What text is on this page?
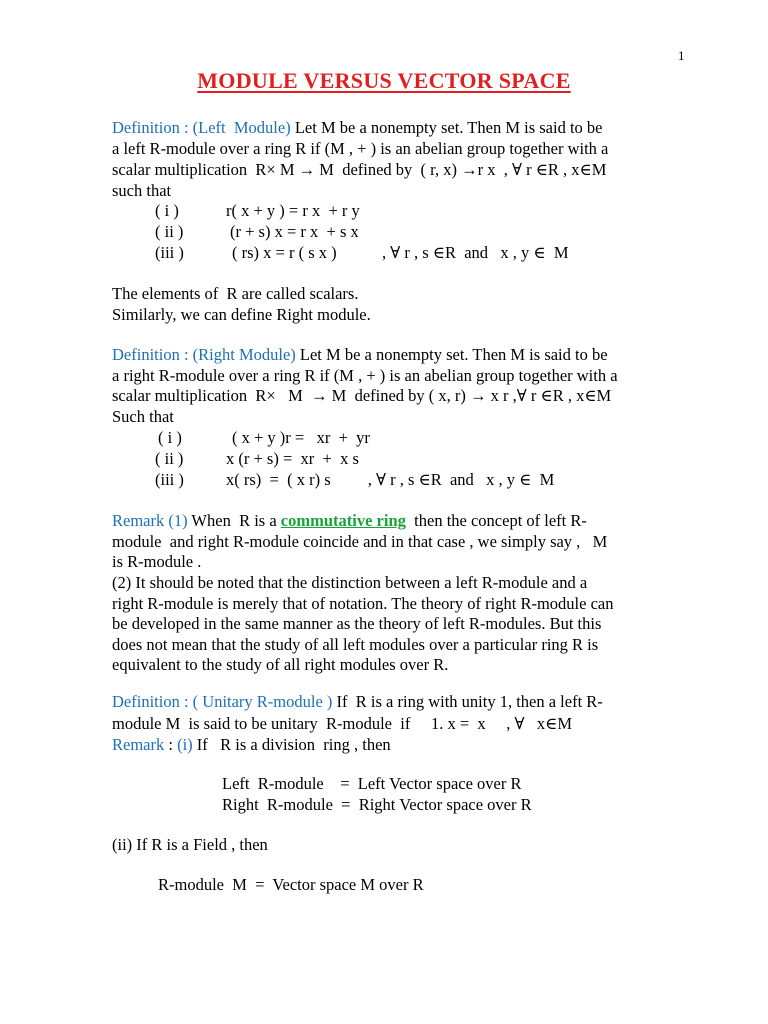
1
MODULE VERSUS VECTOR SPACE
Definition : (Left  Module) Let M be a nonempty set. Then M is said to be
a left R-module over a ring R if (M , + ) is an abelian group together with a
scalar multiplication  R× M → M  defined by  ( r, x) →r x  , ∀ r ∈R , x∈M
such that
( i )	r( x + y ) = r x  + r y
( ii )	(r + s) x = r x  + s x
(iii )	( rs) x = r ( s x )           , ∀ r , s ∈R  and   x , y ∈  M
The elements of  R are called scalars.
Similarly, we can define Right module.
Definition : (Right Module) Let M be a nonempty set. Then M is said to be
a right R-module over a ring R if (M , + ) is an abelian group together with a
scalar multiplication  R×   M  → M  defined by ( x, r) → x r ,∀ r ∈R , x∈M
Such that
( i )	( x + y )r =   xr  +  yr
( ii )	x (r + s) =  xr  +  x s
(iii )	x( rs)  =  ( x r) s         , ∀ r , s ∈R  and   x , y ∈  M
Remark (1) When  R is a commutative ring  then the concept of left R-
module  and right R-module coincide and in that case , we simply say ,   M
is R-module .
(2) It should be noted that the distinction between a left R-module and a
right R-module is merely that of notation. The theory of right R-module can
be developed in the same manner as the theory of left R-modules. But this
does not mean that the study of all left modules over a particular ring R is
equivalent to the study of all right modules over R.
Definition : ( Unitary R-module ) If  R is a ring with unity 1, then a left R-
module M  is said to be unitary  R-module  if     1. x =  x     , ∀   x∈M
Remark : (i) If   R is a division  ring , then
Left  R-module    =  Left Vector space over R
Right  R-module  =  Right Vector space over R
(ii) If R is a Field , then
R-module  M  =  Vector space M over R
